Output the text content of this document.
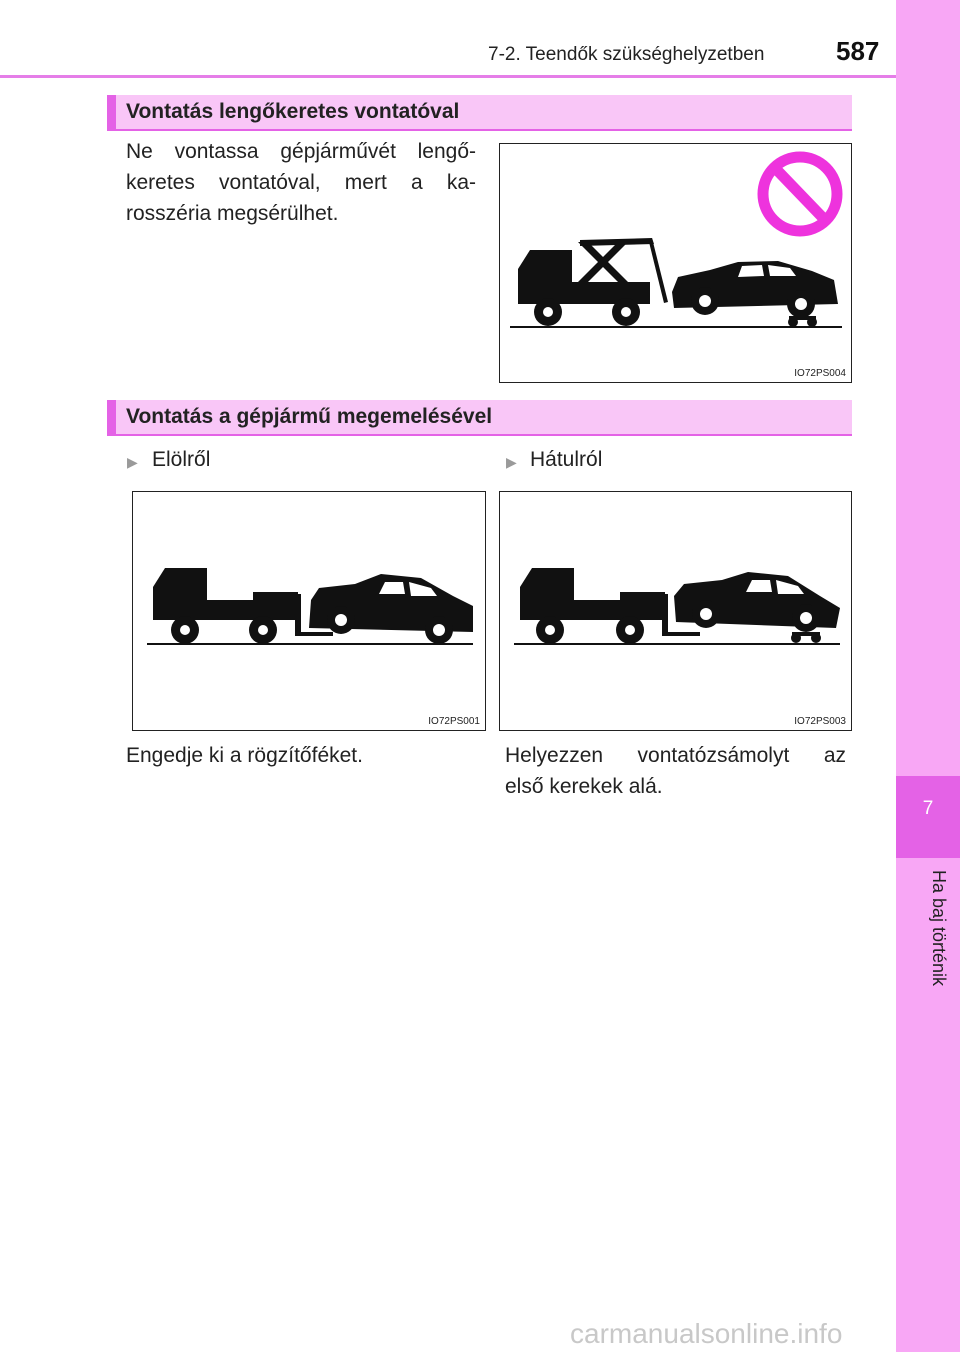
7-2. Teendők szükséghelyzetben	587
7
Ha baj történik
Vontatás lengőkeretes vontatóval
Ne vontassa gépjárművét lengő-
keretes vontatóval, mert a ka-
rosszéria megsérülhet.
IO72PS004
Vontatás a gépjármű megemelésével
▶ Elölről	▶ Hátulról
IO72PS001	IO72PS003
Engedje ki a rögzítőféket.	Helyezzen vontatózsámolyt az
első kerekek alá.
carmanualsonline.info
